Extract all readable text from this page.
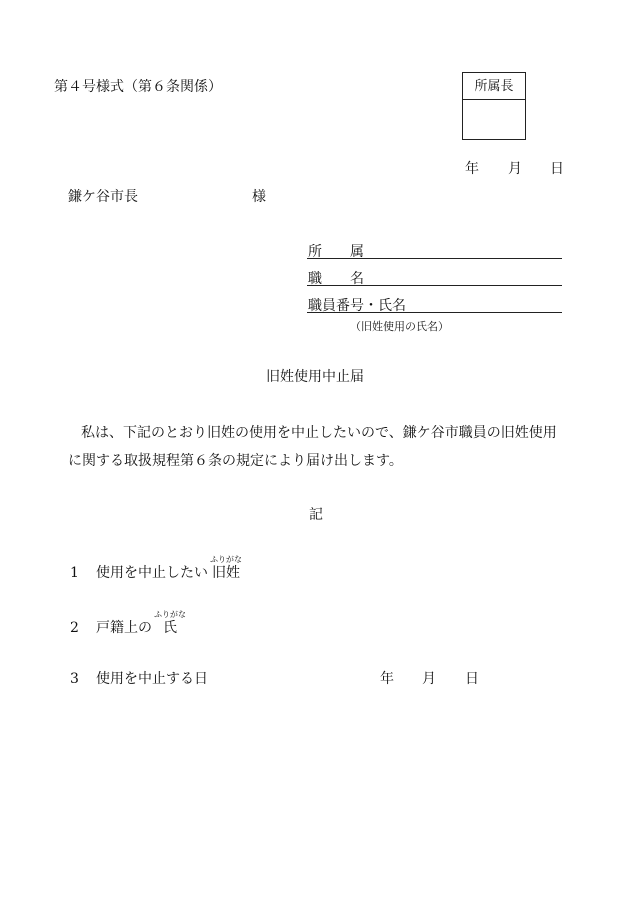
第４号様式（第６条関係）	所属長
年 月 日
鎌ケ谷市長	様
所　　属
職　　名
職員番号・氏名
（旧姓使用の氏名）
旧姓使用中止届
私は、下記のとおり旧姓の使用を中止したいので、鎌ケ谷市職員の旧姓使用
に関する取扱規程第６条の規定により届け出します。
記
1 使用を中止したい
ふりがな
旧姓
2 戸籍上の
ふりがな
氏
3 使用を中止する日	年 月 日
